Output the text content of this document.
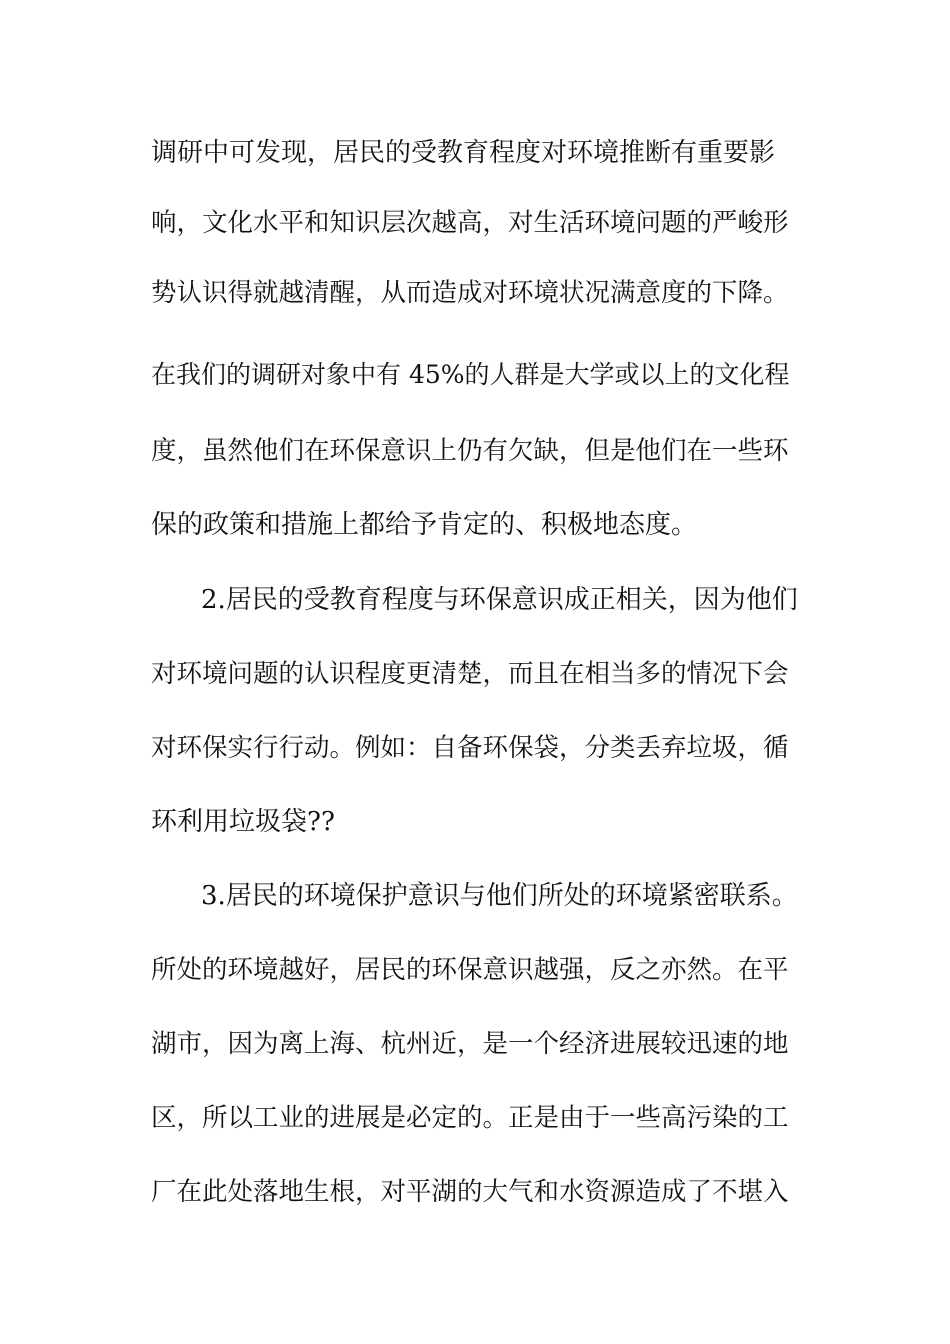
调研中可发现，居民的受教育程度对环境推断有重要影
响，文化水平和知识层次越高，对生活环境问题的严峻形
势认识得就越清醒，从而造成对环境状况满意度的下降。
在我们的调研对象中有 45%的人群是大学或以上的文化程
度，虽然他们在环保意识上仍有欠缺，但是他们在一些环
保的政策和措施上都给予肯定的、积极地态度。
2.居民的受教育程度与环保意识成正相关，因为他们
对环境问题的认识程度更清楚，而且在相当多的情况下会
对环保实行行动。例如：自备环保袋，分类丢弃垃圾，循
环利用垃圾袋??
3.居民的环境保护意识与他们所处的环境紧密联系。
所处的环境越好，居民的环保意识越强，反之亦然。在平
湖市，因为离上海、杭州近，是一个经济进展较迅速的地
区，所以工业的进展是必定的。正是由于一些高污染的工
厂在此处落地生根，对平湖的大气和水资源造成了不堪入
